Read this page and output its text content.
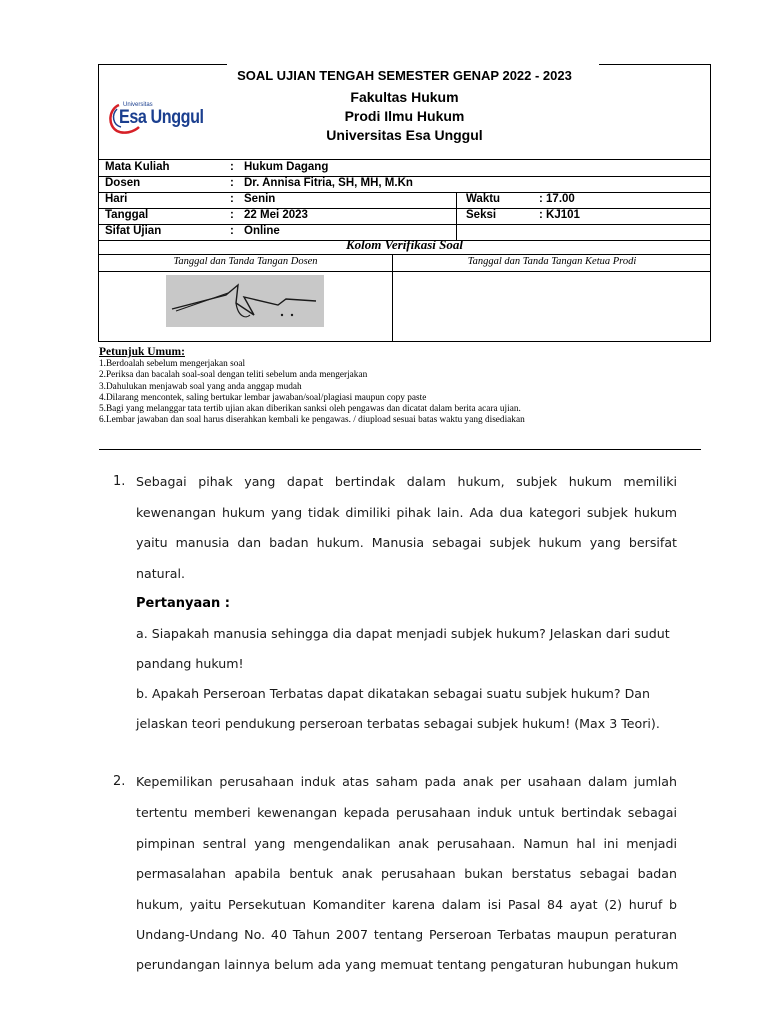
SOAL UJIAN TENGAH SEMESTER GENAP 2022 - 2023
Fakultas Hukum
Prodi Ilmu Hukum
Universitas Esa Unggul
Universitas
Esa Unggul
Mata Kuliah	: Hukum Dagang
Dosen	: Dr. Annisa Fitria, SH, MH, M.Kn
Hari	: Senin	Waktu	: 17.00
Tanggal	: 22 Mei 2023	Seksi	: KJ101
Sifat Ujian	: Online
Kolom Verifikasi Soal
Tanggal dan Tanda Tangan Dosen	Tanggal dan Tanda Tangan Ketua Prodi
Petunjuk Umum:
1.Berdoalah sebelum mengerjakan soal
2.Periksa dan bacalah soal-soal dengan teliti sebelum anda mengerjakan
3.Dahulukan menjawab soal yang anda anggap mudah
4.Dilarang mencontek, saling bertukar lembar jawaban/soal/plagiasi maupun copy paste
5.Bagi yang melanggar tata tertib ujian akan diberikan sanksi oleh pengawas dan dicatat dalam berita acara ujian.
6.Lembar jawaban dan soal harus diserahkan kembali ke pengawas. / diupload sesuai batas waktu yang disediakan
1. Sebagai pihak yang dapat bertindak dalam hukum, subjek hukum memiliki
kewenangan hukum yang tidak dimiliki pihak lain. Ada dua kategori subjek hukum
yaitu manusia dan badan hukum. Manusia sebagai subjek hukum yang bersifat
natural.
Pertanyaan :
a. Siapakah manusia sehingga dia dapat menjadi subjek hukum? Jelaskan dari sudut
pandang hukum!
b. Apakah Perseroan Terbatas dapat dikatakan sebagai suatu subjek hukum? Dan
jelaskan teori pendukung perseroan terbatas sebagai subjek hukum! (Max 3 Teori).
2. Kepemilikan perusahaan induk atas saham pada anak per usahaan dalam jumlah
tertentu memberi kewenangan kepada perusahaan induk untuk bertindak sebagai
pimpinan sentral yang mengendalikan anak perusahaan. Namun hal ini menjadi
permasalahan apabila bentuk anak perusahaan bukan berstatus sebagai badan
hukum, yaitu Persekutuan Komanditer karena dalam isi Pasal 84 ayat (2) huruf b
Undang-Undang No. 40 Tahun 2007 tentang Perseroan Terbatas maupun peraturan
perundangan lainnya belum ada yang memuat tentang pengaturan hubungan hukum
